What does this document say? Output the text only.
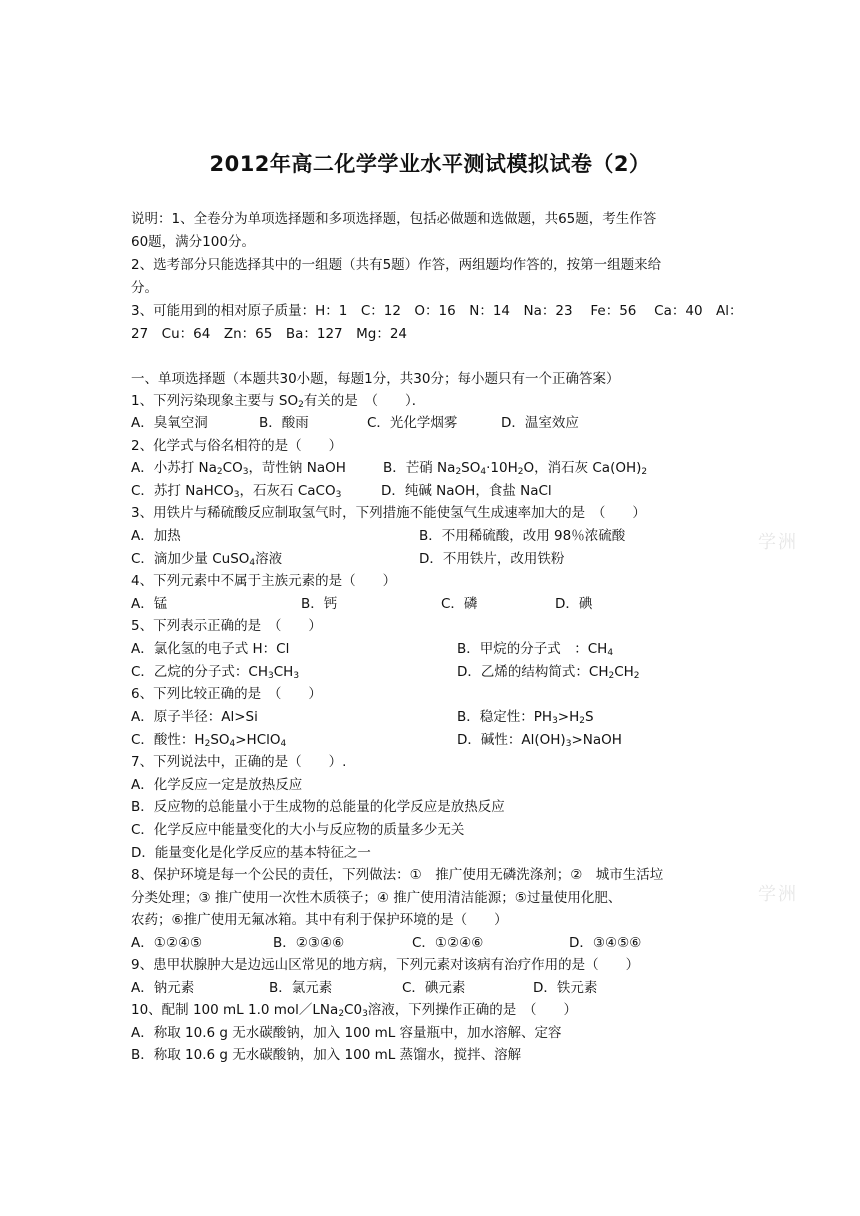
2012年高二化学学业水平测试模拟试卷（2）
说明：1、全卷分为单项选择题和多项选择题，包括必做题和选做题，共65题，考生作答
60题，满分100分。
2、选考部分只能选择其中的一组题（共有5题）作答，两组题均作答的，按第一组题来给
分。
3、可能用到的相对原子质量：H：1　C：12　O：16　N：14　Na：23　 Fe：56　 Ca：40　Al：
27　Cu：64　Zn：65　Ba：127　Mg：24
一、单项选择题（本题共30小题，每题1分，共30分；每小题只有一个正确答案）
1、下列污染现象主要与 $SO_2$有关的是　（　　）．
A．臭氧空洞	B．酸雨	C．光化学烟雾	D．温室效应
2、化学式与俗名相符的是（　　）
A．小苏打 $Na_2CO_3$，苛性钠 NaOH	B．芒硝 $Na_2SO_4\cdot 10H_2O$，消石灰 $Ca(OH)_2$
C．苏打 NaHCO$_3$，石灰石 CaCO$_3$	D．纯碱 NaOH，食盐 NaCl
3、用铁片与稀硫酸反应制取氢气时，下列措施不能使氢气生成速率加大的是　（　　）
A．加热	B．不用稀硫酸，改用 98％浓硫酸
C．滴加少量 CuSO$_4$溶液	D．不用铁片，改用铁粉
4、下列元素中不属于主族元素的是（　　）
A．锰	B．钙	C．磷	D．碘
5、下列表示正确的是　（　　）
A．氯化氢的电子式 H：Cl	B．甲烷的分子式　：$CH_4$
C．乙烷的分子式：$CH_3CH_3$	D．乙烯的结构简式：$CH_2CH_2$
6、下列比较正确的是　（　　）
A．原子半径：Al>Si	B．稳定性：$PH_3>H_2S$
C．酸性：$H_2SO_4>HClO_4$	D．碱性：$Al(OH)_3>NaOH$
7、下列说法中，正确的是（　　）.
A．化学反应一定是放热反应
B．反应物的总能量小于生成物的总能量的化学反应是放热反应
C．化学反应中能量变化的大小与反应物的质量多少无关
D．能量变化是化学反应的基本特征之一
8、保护环境是每一个公民的责任，下列做法：①　推广使用无磷洗涤剂；②　城市生活垃
分类处理；③ 推广使用一次性木质筷子；④ 推广使用清洁能源；⑤过量使用化肥、
农药；⑥推广使用无氟冰箱。其中有利于保护环境的是（　　）
A．①②④⑤	B．②③④⑥	C．①②④⑥	D．③④⑤⑥
9、患甲状腺肿大是边远山区常见的地方病，下列元素对该病有治疗作用的是（　　）
A．钠元素	B．氯元素	C．碘元素	D．铁元素
10、配制 100 mL 1.0 $mol/LNa_2C0_3$溶液，下列操作正确的是　（　　）
A．称取 10.6 g 无水碳酸钠，加入 100 mL 容量瓶中，加水溶解、定容
B．称取 10.6 g 无水碳酸钠，加入 100 mL 蒸馏水，搅拌、溶解
学洲
学洲
